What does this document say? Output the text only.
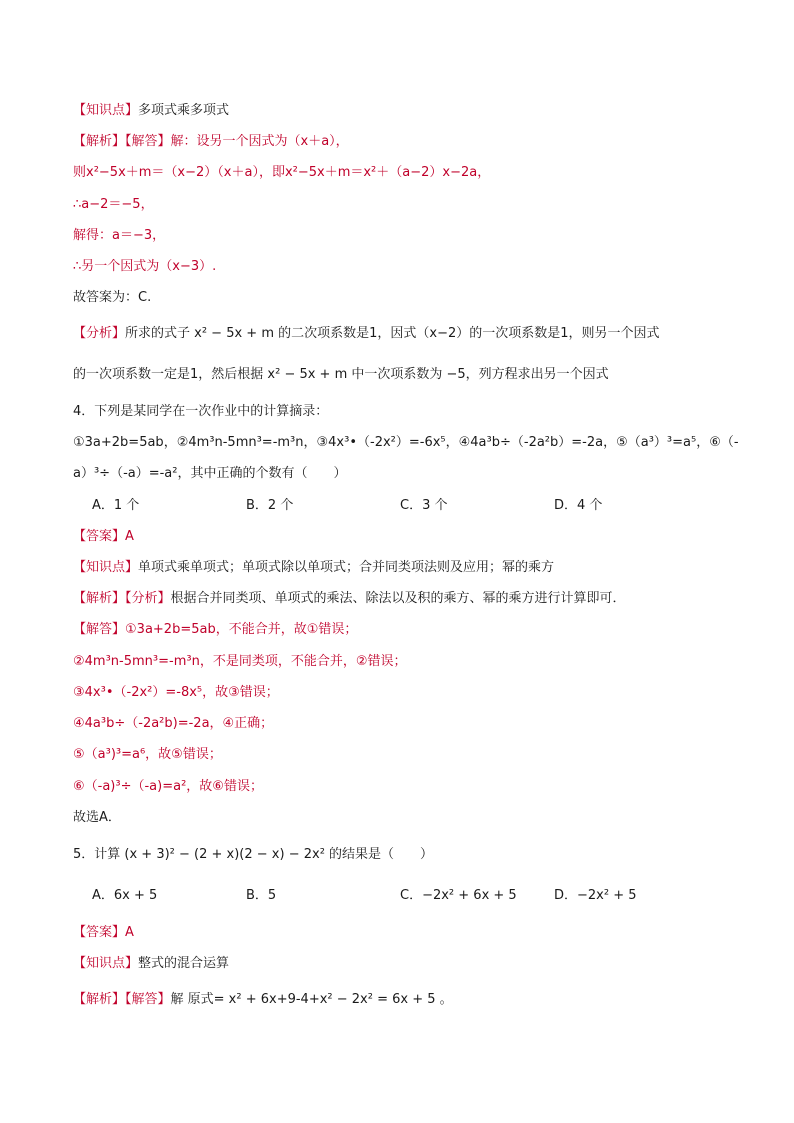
【知识点】多项式乘多项式
【解析】【解答】解：设另一个因式为（x＋a），
则x²−5x＋m＝（x−2）（x＋a），即x²−5x＋m＝x²＋（a−2）x−2a，
∴a−2＝−5，
解得：a＝−3，
∴另一个因式为（x−3）.
故答案为：C.
【分析】所求的式子 x² − 5x + m 的二次项系数是1，因式（x−2）的一次项系数是1，则另一个因式
的一次项系数一定是1，然后根据 x² − 5x + m 中一次项系数为 −5，列方程求出另一个因式
4．下列是某同学在一次作业中的计算摘录：
①3a+2b=5ab，②4m³n-5mn³=-m³n，③4x³•（-2x²）=-6x⁵，④4a³b÷（-2a²b）=-2a，⑤（a³）³=a⁵，⑥（-
a）³÷（-a）=-a²，其中正确的个数有（　　）
A．1 个	B．2 个	C．3 个	D．4 个
【答案】A
【知识点】单项式乘单项式；单项式除以单项式；合并同类项法则及应用；幂的乘方
【解析】【分析】根据合并同类项、单项式的乘法、除法以及积的乘方、幂的乘方进行计算即可．
【解答】①3a+2b=5ab，不能合并，故①错误；
②4m³n-5mn³=-m³n，不是同类项，不能合并，②错误；
③4x³•（-2x²）=-8x⁵，故③错误；
④4a³b÷（-2a²b)=-2a，④正确；
⑤（a³)³=a⁶，故⑤错误；
⑥（-a)³÷（-a)=a²，故⑥错误；
故选A．
5．计算 (x + 3)² − (2 + x)(2 − x) − 2x² 的结果是（　　）
A．6x + 5	B．5	C．−2x² + 6x + 5	D．−2x² + 5
【答案】A
【知识点】整式的混合运算
【解析】【解答】解 原式= x² + 6x+9-4+x² − 2x² = 6x + 5 。
